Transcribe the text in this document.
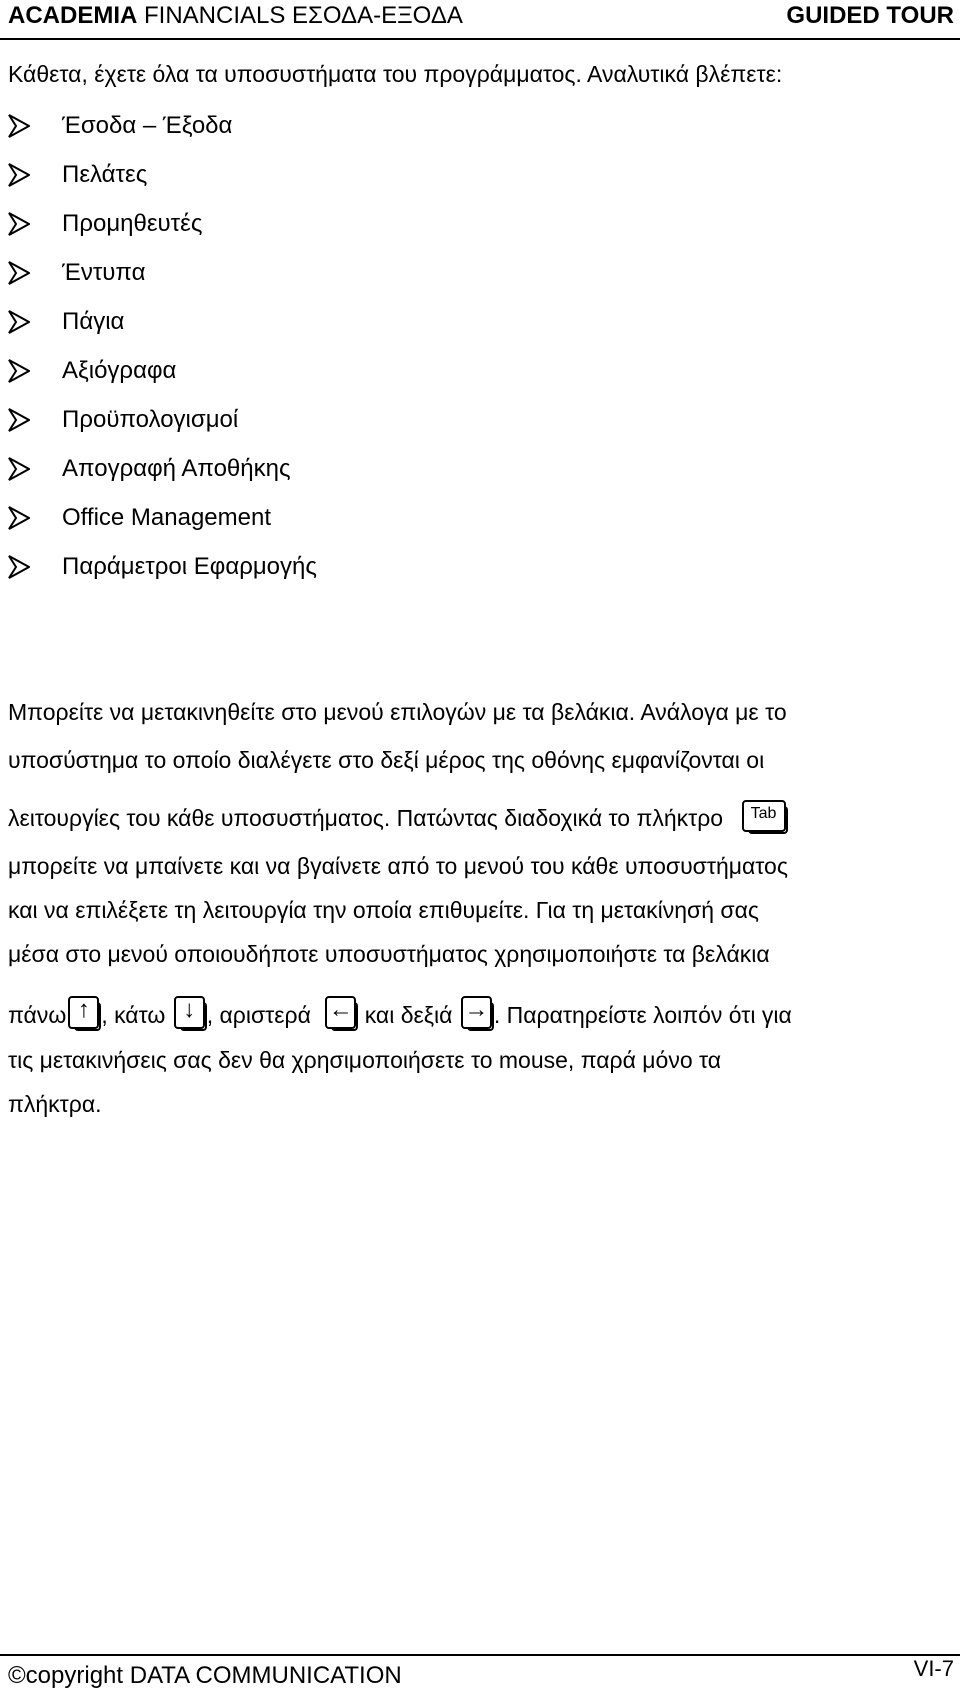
ACADEMIA FINANCIALS ΕΣΟΔΑ-ΕΞΟΔΑ	GUIDED TOUR
Κάθετα, έχετε όλα τα υποσυστήματα του προγράμματος. Αναλυτικά βλέπετε:
Έσοδα – Έξοδα
Πελάτες
Προμηθευτές
Έντυπα
Πάγια
Αξιόγραφα
Προϋπολογισμοί
Απογραφή Αποθήκης
Office Management
Παράμετροι Εφαρμογής
Μπορείτε να μετακινηθείτε στο μενού επιλογών με τα βελάκια. Ανάλογα με το
υποσύστημα το οποίο διαλέγετε στο δεξί μέρος της οθόνης εμφανίζονται οι
λειτουργίες του κάθε υποσυστήματος. Πατώντας διαδοχικά το πλήκτρο	Tab
μπορείτε να μπαίνετε και να βγαίνετε από το μενού του κάθε υποσυστήματος
και να επιλέξετε τη λειτουργία την οποία επιθυμείτε. Για τη μετακίνησή σας
μέσα στο μενού οποιουδήποτε υποσυστήματος χρησιμοποιήστε τα βελάκια
πάνω ↑ , κάτω ↓ , αριστερά ← και δεξιά → . Παρατηρείστε λοιπόν ότι για
τις μετακινήσεις σας δεν θα χρησιμοποιήσετε το mouse, παρά μόνο τα
πλήκτρα.
©copyright DATA COMMUNICATION	VI-7
